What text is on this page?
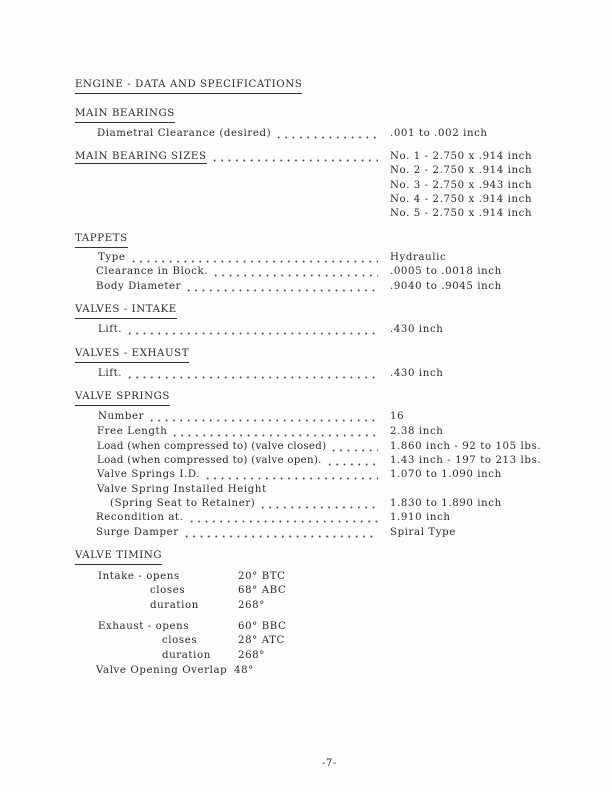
ENGINE - DATA AND SPECIFICATIONS
MAIN BEARINGS
Diametral Clearance (desired)	.001 to .002 inch
MAIN BEARING SIZES	No. 1 - 2.750 x .914 inch
No. 2 - 2.750 x .914 inch
No. 3 - 2.750 x .943 inch
No. 4 - 2.750 x .914 inch
No. 5 - 2.750 x .914 inch
TAPPETS
Type	Hydraulic
Clearance in Block.	.0005 to .0018 inch
Body Diameter	.9040 to .9045 inch
VALVES - INTAKE
Lift.	.430 inch
VALVES - EXHAUST
Lift.	.430 inch
VALVE SPRINGS
Number	16
Free Length	2.38 inch
Load (when compressed to) (valve closed)	1.860 inch - 92 to 105 lbs.
Load (when compressed to) (valve open).	1.43 inch - 197 to 213 lbs.
Valve Springs I.D.	1.070 to 1.090 inch
Valve Spring Installed Height
(Spring Seat to Retainer)	1.830 to 1.890 inch
Recondition at.	1.910 inch
Surge Damper	Spiral Type
VALVE TIMING
Intake - opens	20° BTC
closes	68° ABC
duration	268°
Exhaust - opens	60° BBC
closes	28° ATC
duration	268°
Valve Opening Overlap 48°
-7-
